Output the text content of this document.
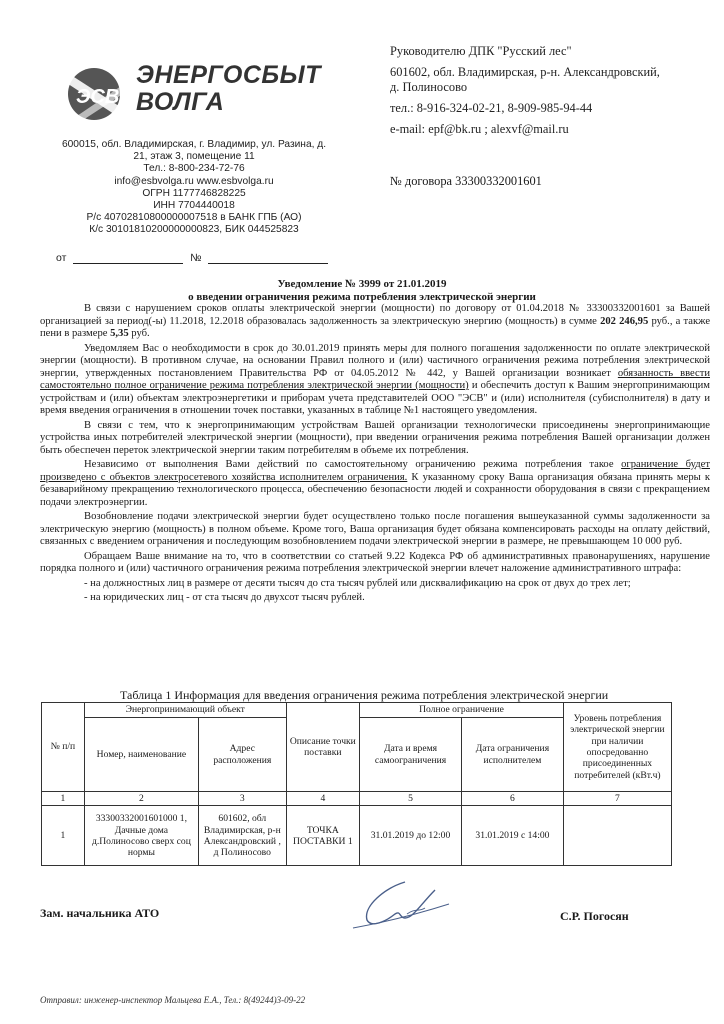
ЭСВ
ЭНЕРГОСБЫТ
ВОЛГА
600015, обл. Владимирская, г. Владимир, ул. Разина, д.
21, этаж 3, помещение 11
Тел.: 8-800-234-72-76
info@esbvolga.ru www.esbvolga.ru
ОГРН 1177746828225
ИНН 7704440018
Р/с 40702810800000007518 в БАНК ГПБ (АО)
К/с 30101810200000000823, БИК 044525823
от	№

Руководителю ДПК "Русский лес"

601602, обл. Владимирская, р-н. Александровский,
д. Полиносово

тел.: 8-916-324-02-21, 8-909-985-94-44

e-mail: epf@bk.ru ; alexvf@mail.ru

№ договора 33300332001601
Уведомление № 3999 от 21.01.2019
о введении ограничения режима потребления электрической энергии

В связи с нарушением сроков оплаты электрической энергии (мощности) по договору от 01.04.2018 № 33300332001601 за Вашей организацией за период(-ы) 11.2018, 12.2018 образовалась задолженность за электрическую энергию (мощность) в сумме 202 246,95 руб., а также пени в размере 5,35 руб.

Уведомляем Вас о необходимости в срок до 30.01.2019 принять меры для полного погашения задолженности по оплате электрической энергии (мощности). В противном случае, на основании Правил полного и (или) частичного ограничения режима потребления электрической энергии, утвержденных постановлением Правительства РФ от 04.05.2012 № 442, у Вашей организации возникает обязанность ввести самостоятельно полное ограничение режима потребления электрической энергии (мощности) и обеспечить доступ к Вашим энергопринимающим устройствам и (или) объектам электроэнергетики и приборам учета представителей ООО "ЭСВ" и (или) исполнителя (субисполнителя) в дату и время введения ограничения в отношении точек поставки, указанных в таблице №1 настоящего уведомления.

В связи с тем, что к энергопринимающим устройствам Вашей организации технологически присоединены энергопринимающие устройства иных потребителей электрической энергии (мощности), при введении ограничения режима потребления Вашей организации должен быть обеспечен переток электрической энергии таким потребителям в объеме их потребления.

Независимо от выполнения Вами действий по самостоятельному ограничению режима потребления такое ограничение будет произведено с объектов электросетевого хозяйства исполнителем ограничения. К указанному сроку Ваша организация обязана принять меры к безаварийному прекращению технологического процесса, обеспечению безопасности людей и сохранности оборудования в связи с прекращением подачи электроэнергии.

Возобновление подачи электрической энергии будет осуществлено только после погашения вышеуказанной суммы задолженности за электрическую энергию (мощность) в полном объеме. Кроме того, Ваша организация будет обязана компенсировать расходы на оплату действий, связанных с введением ограничения и последующим возобновлением подачи электрической энергии в размере, не превышающем 10 000 руб.

Обращаем Ваше внимание на то, что в соответствии со статьей 9.22 Кодекса РФ об административных правонарушениях, нарушение порядка полного и (или) частичного ограничения режима потребления электрической энергии влечет наложение административного штрафа:

- на должностных лиц в размере от десяти тысяч до ста тысяч рублей или дисквалификацию на срок от двух до трех лет;

- на юридических лиц - от ста тысяч до двухсот тысяч рублей.

Таблица 1 Информация для введения ограничения режима потребления электрической энергии
№ п/п	Энергопринимающий объект		Описание точки поставки	Полное ограничение		Уровень потребления электрической энергии при наличии опосредованно присоединенных потребителей (кВт.ч)
	Номер, наименование	Адрес расположения		Дата и время самоограничения	Дата ограничения исполнителем	
1	2	3	4	5	6	7
1	33300332001601000 1, Дачные дома д.Полиносово сверх соц нормы	601602, обл Владимирская, р-н Александровский , д Полиносово	ТОЧКА ПОСТАВКИ 1	31.01.2019 до 12:00	31.01.2019 с 14:00	
Зам. начальника АТО	С.Р. Погосян
Отправил: инженер-инспектор Мальцева Е.А., Тел.: 8(49244)3-09-22
